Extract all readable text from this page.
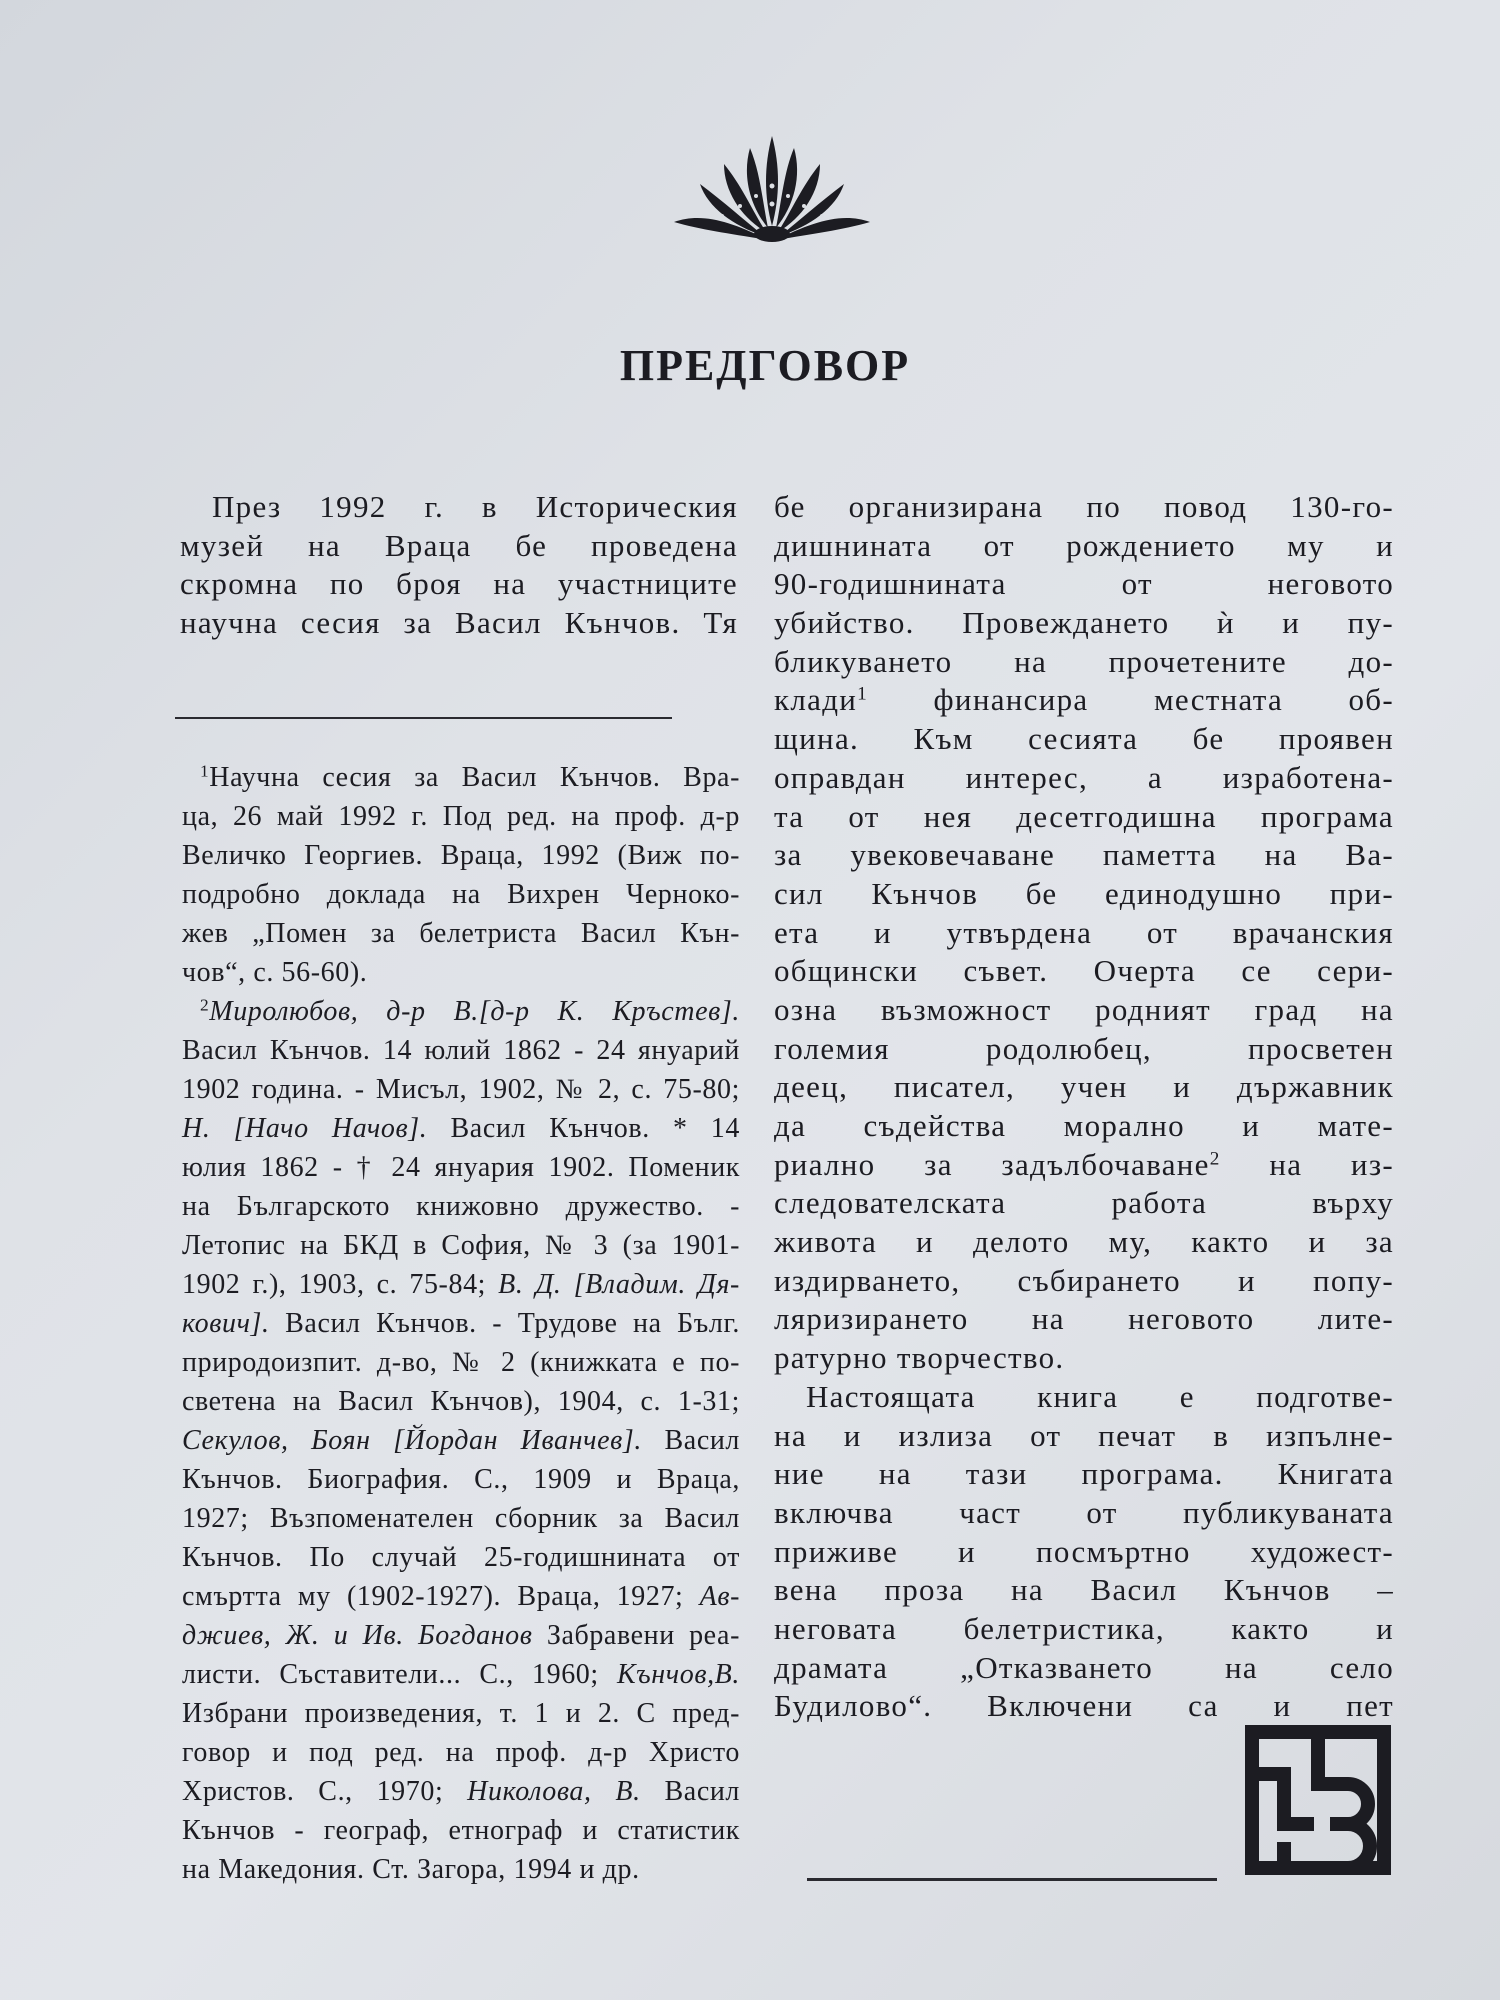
ПРЕДГОВОР
През 1992 г. в Историческия
музей на Враца бе проведена
скромна по броя на участниците
научна сесия за Васил Кънчов. Тя
$^1$Научна сесия за Васил Кънчов. Вра-
ца, 26 май 1992 г. Под ред. на проф. д-р
Величко Георгиев. Враца, 1992 (Виж по-
подробно доклада на Вихрен Черноко-
жев „Помен за белетриста Васил Кън-
чов“, с. 56-60).
$^2$Миролюбов, д-р В.[д-р К. Кръстев].
Васил Кънчов. 14 юлий 1862 - 24 януарий
1902 година. - Мисъл, 1902, № 2, с. 75-80;
Н. [Начо Начов]. Васил Кънчов. * 14
юлия 1862 - † 24 януария 1902. Поменик
на Българското книжовно дружество. -
Летопис на БКД в София, № 3 (за 1901-
1902 г.), 1903, с. 75-84; В. Д. [Владим. Дя-
кович]. Васил Кънчов. - Трудове на Бълг.
природоизпит. д-во, № 2 (книжката е по-
светена на Васил Кънчов), 1904, с. 1-31;
Секулов, Боян [Йордан Иванчев]. Васил
Кънчов. Биография. С., 1909 и Враца,
1927; Възпоменателен сборник за Васил
Кънчов. По случай 25-годишнината от
смъртта му (1902-1927). Враца, 1927; Ав-
джиев, Ж. и Ив. Богданов Забравени реа-
листи. Съставители... С., 1960; Кънчов,В.
Избрани произведения, т. 1 и 2. С пред-
говор и под ред. на проф. д-р Христо
Христов. С., 1970; Николова, В. Васил
Кънчов - географ, етнограф и статистик
на Македония. Ст. Загора, 1994 и др.
бе организирана по повод 130-го-
дишнината от рождението му и
90-годишнината от неговото
убийство. Провеждането ѝ и пу-
бликуването на прочетените до-
клади$^1$ финансира местната об-
щина. Към сесията бе проявен
оправдан интерес, а изработена-
та от нея десетгодишна програма
за увековечаване паметта на Ва-
сил Кънчов бе единодушно при-
ета и утвърдена от врачанския
общински съвет. Очерта се сери-
озна възможност родният град на
големия родолюбец, просветен
деец, писател, учен и държавник
да съдейства морално и мате-
риално за задълбочаване$^2$ на из-
следователската работа върху
живота и делото му, както и за
издирването, събирането и попу-
ляризирането на неговото лите-
ратурно творчество.
Настоящата книга е подготве-
на и излиза от печат в изпълне-
ние на тази програма. Книгата
включва част от публикуваната
приживе и посмъртно художест-
вена проза на Васил Кънчов –
неговата белетристика, както и
драмата „Отказването на село
Будилово“. Включени са и пет
